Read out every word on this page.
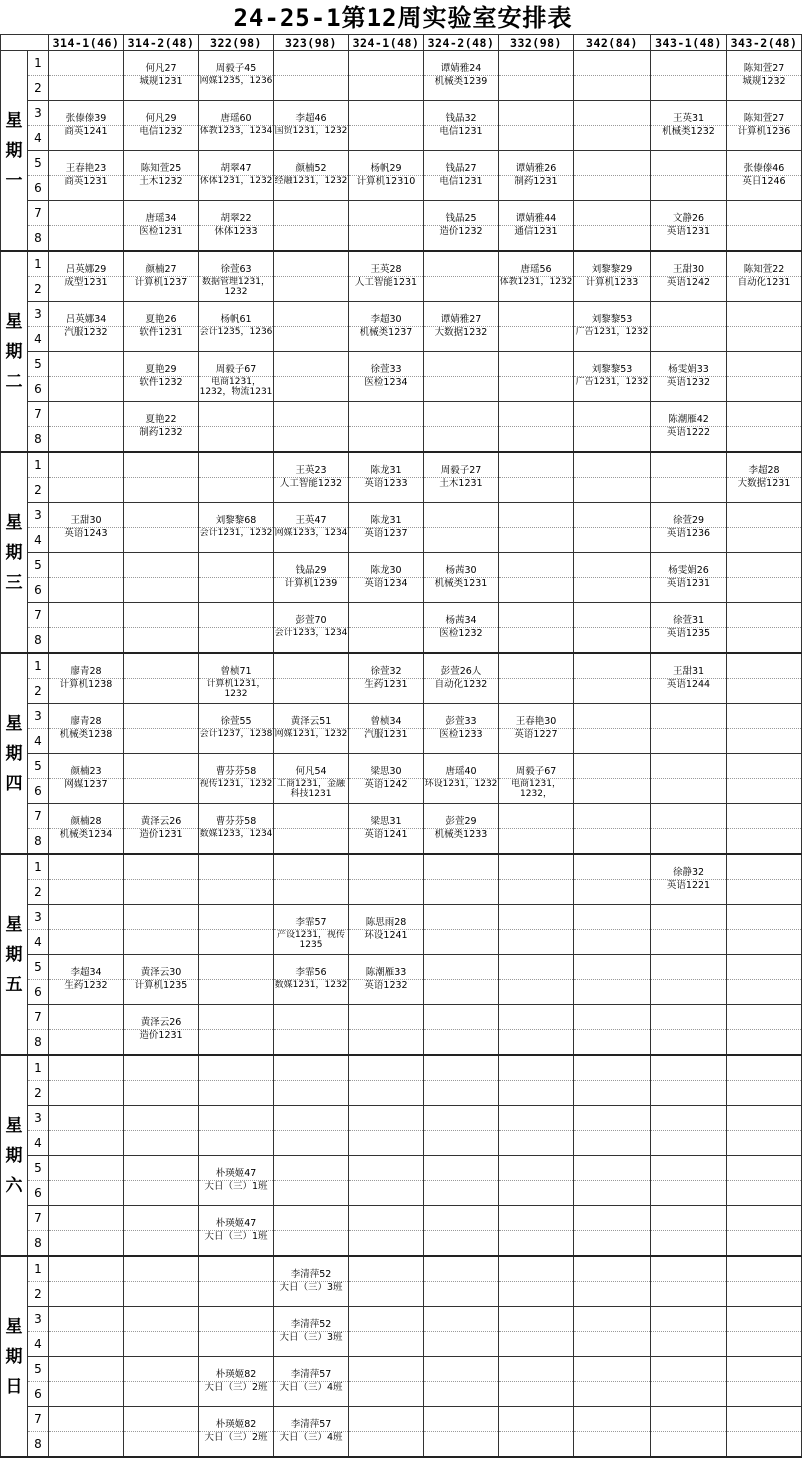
24-25-1第12周实验室安排表
		314-1(46)	314-2(48)	322(98)	323(98)	324-1(48)	324-2(48)	332(98)	342(84)	343-1(48)	343-2(48)
星期一	1		何凡27	周毅子45			谭婧雅24				陈知萱27
	2		城规1231	网媒1235，1236			机械类1239				城规1232
	3	张傣傣39	何凡29	唐瑶60	李超46		钱晶32			王英31	陈知萱27
	4	商英1241	电信1232	体教1233，1234	国贸1231，1232		电信1231			机械类1232	计算机1236
	5	王春艳23	陈知萱25	胡翠47	颜楠52	杨帆29	钱晶27	谭婧雅26			张傣傣46
	6	商英1231	土木1232	休体1231，1232	经融1231，1232	计算机12310	电信1231	制药1231			英日1246
	7		唐瑶34	胡翠22			钱晶25	谭婧雅44		文静26	
	8		医检1231	休体1233			造价1232	通信1231		英语1231	
星期二	1	吕英娜29	颜楠27	徐萱63		王英28		唐瑶56	刘黎黎29	王甜30	陈知萱22
	2	成型1231	计算机1237	数据管理1231，1232		人工智能1231		体教1231，1232	计算机1233	英语1242	自动化1231
	3	吕英娜34	夏艳26	杨帆61		李超30	谭婧雅27		刘黎黎53		
	4	汽服1232	软件1231	会计1235，1236		机械类1237	大数据1232		广告1231，1232		
	5		夏艳29	周毅子67		徐萱33			刘黎黎53	杨雯娟33	
	6		软件1232	电商1231，1232，物流1231		医检1234			广告1231，1232	英语1232	
	7		夏艳22							陈潮雁42	
	8		制药1232							英语1222	
星期三	1				王英23	陈龙31	周毅子27				李超28
	2				人工智能1232	英语1233	土木1231				大数据1231
	3	王甜30		刘黎黎68	王英47	陈龙31				徐萱29	
	4	英语1243		会计1231，1232	网媒1233，1234	英语1237				英语1236	
	5				钱晶29	陈龙30	杨茜30			杨雯娟26	
	6				计算机1239	英语1234	机械类1231			英语1231	
	7				彭萱70		杨茜34			徐萱31	
	8				会计1233，1234		医检1232			英语1235	
星期四	1	廖青28		曾桢71		徐萱32	彭萱26人			王甜31	
	2	计算机1238		计算机1231，1232		生药1231	自动化1232			英语1244	
	3	廖青28		徐萱55	黄泽云51	曾桢34	彭萱33	王春艳30			
	4	机械类1238		会计1237，1238	网媒1231，1232	汽服1231	医检1233	英语1227			
	5	颜楠23		曹芬芬58	何凡54	梁思30	唐瑶40	周毅子67			
	6	网媒1237		视传1231，1232	工商1231，金融科技1231	英语1242	环设1231，1232	电商1231，1232，			
	7	颜楠28	黄泽云26	曹芬芬58		梁思31	彭萱29				
	8	机械类1234	造价1231	数媒1233，1234		英语1241	机械类1233				
星期五	1									徐静32	
	2									英语1221	
	3				李霏57	陈思雨28					
	4				产设1231，视传1235	环设1241					
	5	李超34	黄泽云30		李霏56	陈潮雁33					
	6	生药1232	计算机1235		数媒1231，1232	英语1232					
	7		黄泽云26								
	8		造价1231								
星期六	1										
	2										
	3										
	4										
	5			朴瑛姬47							
	6			大日（三）1班							
	7			朴瑛姬47							
	8			大日（三）1班							
星期日	1				李清萍52						
	2				大日（三）3班						
	3				李清萍52						
	4				大日（三）3班						
	5			朴瑛姬82	李清萍57						
	6			大日（三）2班	大日（三）4班						
	7			朴瑛姬82	李清萍57						
	8			大日（三）2班	大日（三）4班						
